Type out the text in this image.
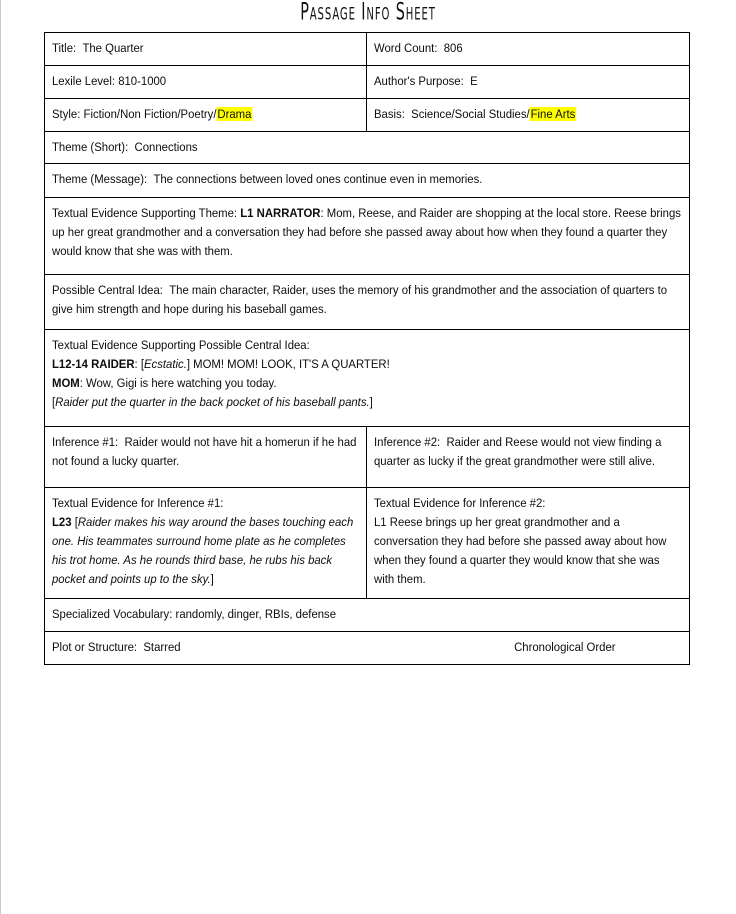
Passage Info Sheet
Title: The Quarter	Word Count: 806
Lexile Level: 810-1000	Author's Purpose: E
Style: Fiction/Non Fiction/Poetry/Drama	Basis: Science/Social Studies/Fine Arts
Theme (Short): Connections
Theme (Message): The connections between loved ones continue even in memories.
Textual Evidence Supporting Theme: L1 NARRATOR: Mom, Reese, and Raider are shopping at the local store. Reese brings up her great grandmother and a conversation they had before she passed away about how when they found a quarter they would know that she was with them.
Possible Central Idea: The main character, Raider, uses the memory of his grandmother and the association of quarters to give him strength and hope during his baseball games.
Textual Evidence Supporting Possible Central Idea:
L12-14 RAIDER: [Ecstatic.] MOM! MOM! LOOK, IT'S A QUARTER!
MOM: Wow, Gigi is here watching you today.
[Raider put the quarter in the back pocket of his baseball pants.]
Inference #1: Raider would not have hit a homerun if he had not found a lucky quarter.
Inference #2: Raider and Reese would not view finding a quarter as lucky if the great grandmother were still alive.
Textual Evidence for Inference #1:
L23 [Raider makes his way around the bases touching each one. His teammates surround home plate as he completes his trot home. As he rounds third base, he rubs his back pocket and points up to the sky.]
Textual Evidence for Inference #2:
L1 Reese brings up her great grandmother and a conversation they had before she passed away about how when they found a quarter they would know that she was with them.
Specialized Vocabulary: randomly, dinger, RBIs, defense
Plot or Structure: Starred	Chronological Order
